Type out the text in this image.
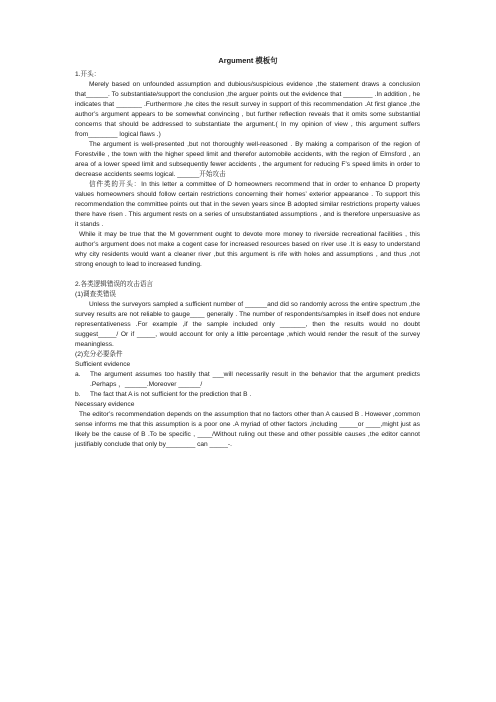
Argument 模板句

1.开头：

Merely based on unfounded assumption and dubious/suspicious evidence ,the statement draws a conclusion that______. To substantiate/support the conclusion ,the arguer points out the evidence that ________ .In addition , he indicates that _______ .Furthermore ,he cites the result survey in support of this recommendation .At first glance ,the author’s argument appears to be somewhat convincing , but further reflection reveals that it omits some substantial concerns that should be addressed to substantiate the argument.( In my opinion of view , this argument suffers from________ logical flaws .)

The argument is well-presented ,but not thoroughly well-reasoned . By making a comparison of the region of Forestville , the town with the higher speed limit and therefor automobile accidents, with the region of Elmsford , an area of a lower speed limit and subsequently fewer accidents , the argument for reducing F’s speed limits in order to decrease accidents seems logical. ______开始攻击

信件类的开头：In this letter a committee of D homeowners recommend that in order to enhance D property values homeowners should follow certain restrictions concerning their homes’ exterior appearance . To support this recommendation the committee points out that in the seven years since B adopted similar restrictions property values there have risen . This argument rests on a series of unsubstantiated assumptions , and is therefore unpersuasive as it stands .

While it may be true that the M government ought to devote more money to riverside recreational facilities , this author’s argument does not make a cogent case for increased resources based on river use .It is easy to understand why city residents would want a cleaner river ,but this argument is rife with holes and assumptions , and thus ,not strong enough to lead to increased funding.

2.各类逻辑错误的攻击语言

(1)调查类错误

Unless the surveyors sampled a sufficient number of ______and did so randomly across the entire spectrum ,the survey results are not reliable to gauge____ generally . The number of respondents/samples in itself does not endure representativeness .For example ,if the sample included only _______, then the results would no doubt suggest_____/ Or if _____, would account for only a little percentage ,which would render the result of the survey meaningless.

(2)充分必要条件

Sufficient evidence

a. The argument assumes too hastily that ___will necessarily result in the behavior that the argument predicts .Perhaps ，______.Moreover ______/
b. The fact that A is not sufficient for the prediction that B .

Necessary evidence

The editor’s recommendation depends on the assumption that no factors other than A caused B . However ,common sense informs me that this assumption is a poor one .A myriad of other factors ,including _____or ____,might just as likely be the cause of B .To be specific , ____/Without ruling out these and other possible causes ,the editor cannot justifiably conclude that only by________ can _____-.
